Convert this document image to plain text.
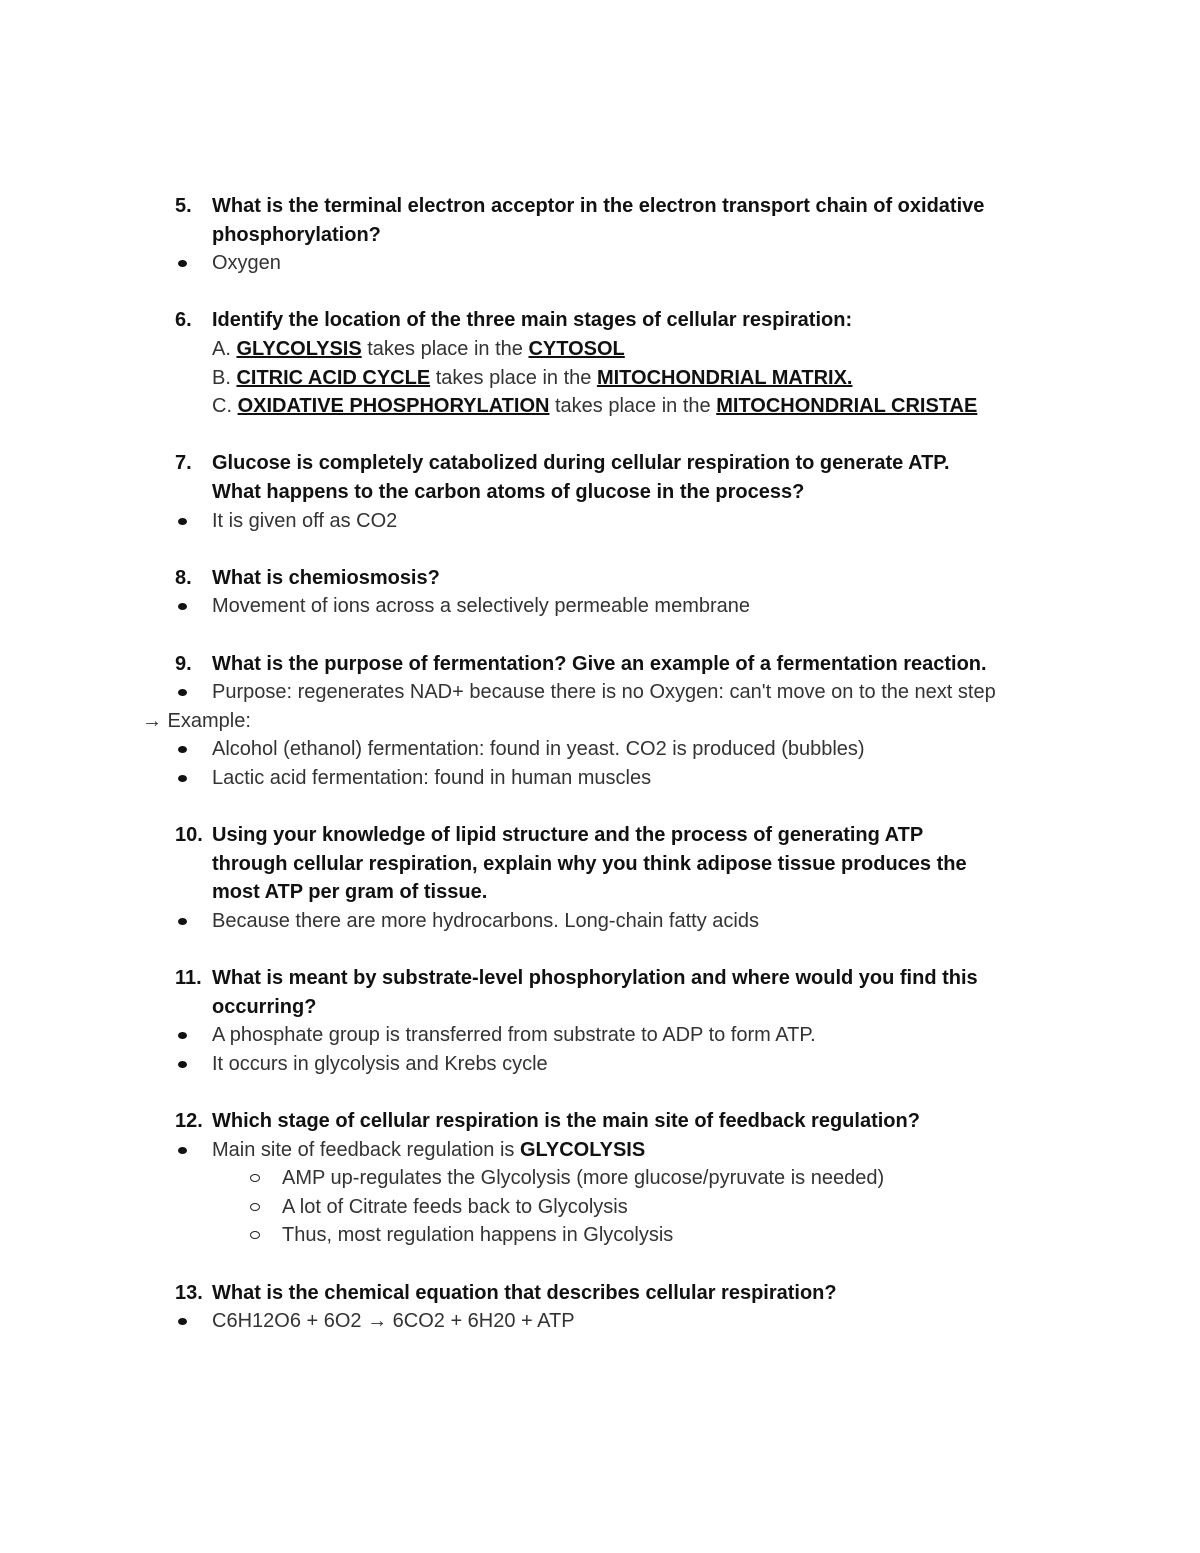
5. What is the terminal electron acceptor in the electron transport chain of oxidative
phosphorylation?
Oxygen
6. Identify the location of the three main stages of cellular respiration:
A. GLYCOLYSIS takes place in the CYTOSOL
B. CITRIC ACID CYCLE takes place in the MITOCHONDRIAL MATRIX.
C. OXIDATIVE PHOSPHORYLATION takes place in the MITOCHONDRIAL CRISTAE
7. Glucose is completely catabolized during cellular respiration to generate ATP.
What happens to the carbon atoms of glucose in the process?
It is given off as CO2
8. What is chemiosmosis?
Movement of ions across a selectively permeable membrane
9. What is the purpose of fermentation? Give an example of a fermentation reaction.
Purpose: regenerates NAD+ because there is no Oxygen: can't move on to the next step
→ Example:
Alcohol (ethanol) fermentation: found in yeast. CO2 is produced (bubbles)
Lactic acid fermentation: found in human muscles
10. Using your knowledge of lipid structure and the process of generating ATP
through cellular respiration, explain why you think adipose tissue produces the
most ATP per gram of tissue.
Because there are more hydrocarbons. Long-chain fatty acids
11. What is meant by substrate-level phosphorylation and where would you find this
occurring?
A phosphate group is transferred from substrate to ADP to form ATP.
It occurs in glycolysis and Krebs cycle
12. Which stage of cellular respiration is the main site of feedback regulation?
Main site of feedback regulation is GLYCOLYSIS
AMP up-regulates the Glycolysis (more glucose/pyruvate is needed)
A lot of Citrate feeds back to Glycolysis
Thus, most regulation happens in Glycolysis
13. What is the chemical equation that describes cellular respiration?
C6H12O6 + 6O2 → 6CO2 + 6H20 + ATP
